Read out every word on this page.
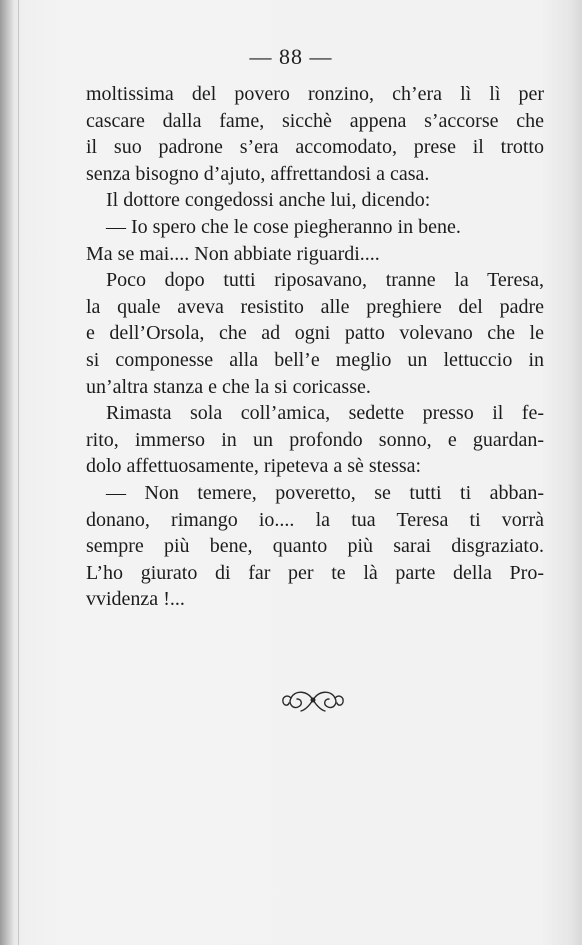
— 88 —
moltissima del povero ronzino, ch’era lì lì per
cascare dalla fame, sicchè appena s’accorse che
il suo padrone s’era accomodato, prese il trotto
senza bisogno d’ajuto, affrettandosi a casa.
Il dottore congedossi anche lui, dicendo:
— Io spero che le cose piegheranno in bene.
Ma se mai.... Non abbiate riguardi....
Poco dopo tutti riposavano, tranne la Teresa,
la quale aveva resistito alle preghiere del padre
e dell’Orsola, che ad ogni patto volevano che le
si componesse alla bell’e meglio un lettuccio in
un’altra stanza e che la si coricasse.
Rimasta sola coll’amica, sedette presso il fe-
rito, immerso in un profondo sonno, e guardan-
dolo affettuosamente, ripeteva a sè stessa:
— Non temere, poveretto, se tutti ti abban-
donano, rimango io.... la tua Teresa ti vorrà
sempre più bene, quanto più sarai disgraziato.
L’ho giurato di far per te là parte della Pro-
vvidenza !...
